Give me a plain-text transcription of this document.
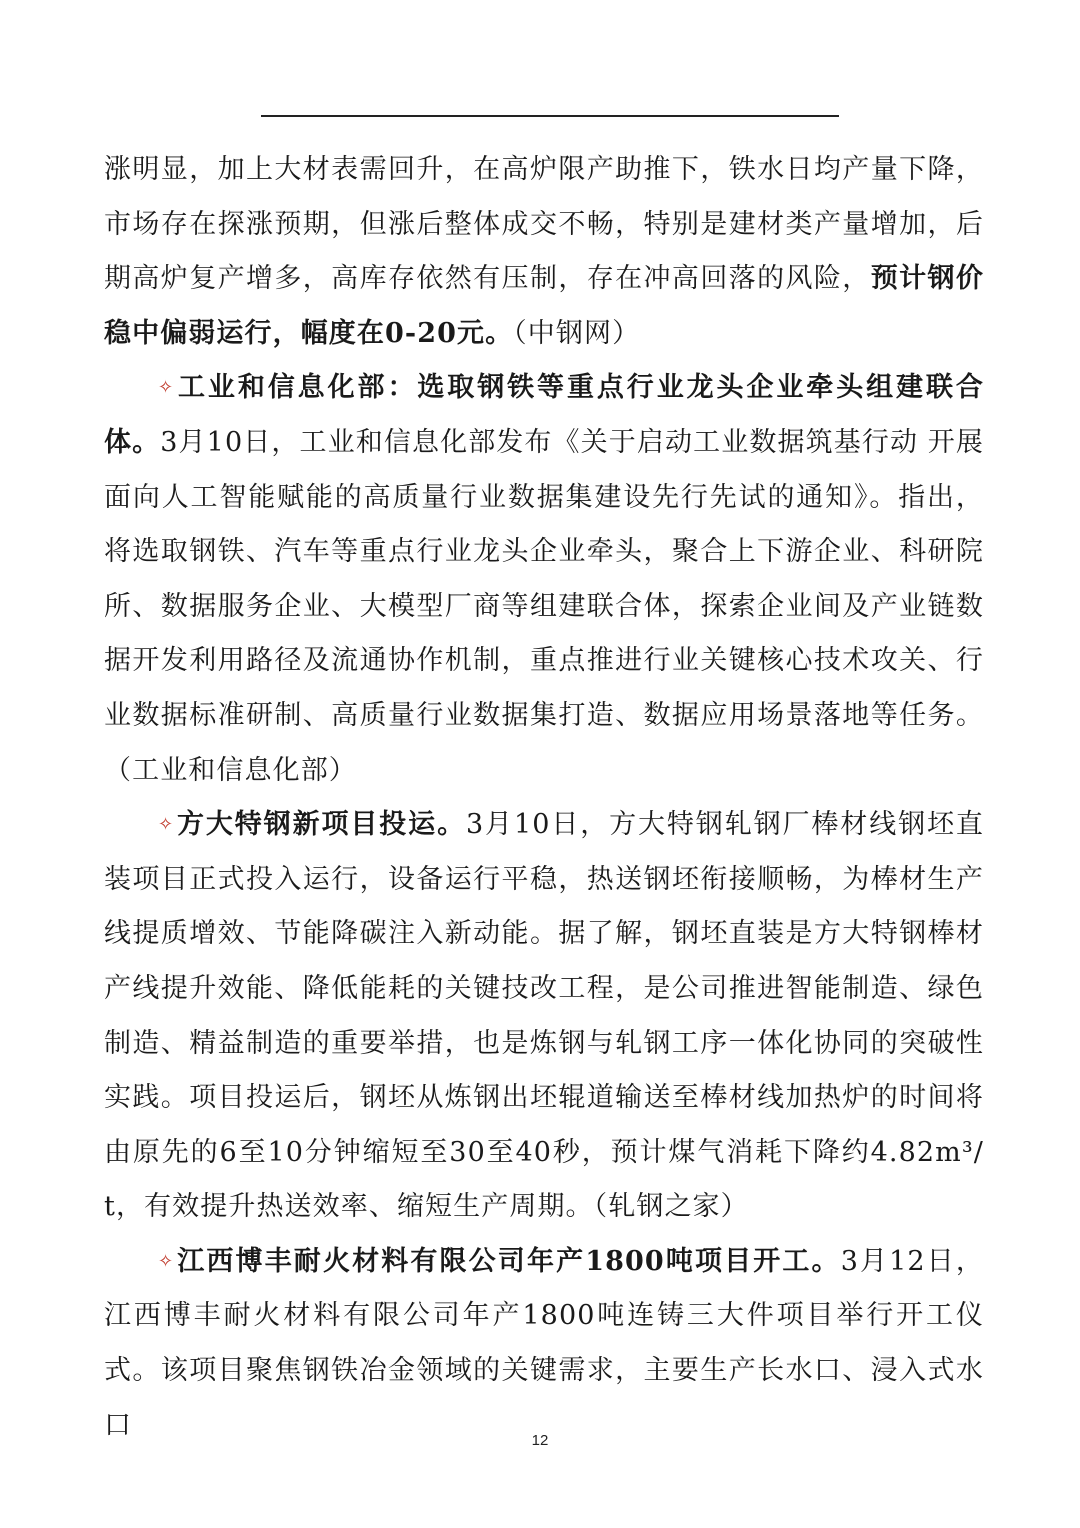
涨明显，加上大材表需回升，在高炉限产助推下，铁水日均产量下降，市场存在探涨预期，但涨后整体成交不畅，特别是建材类产量增加，后期高炉复产增多，高库存依然有压制，存在冲高回落的风险，预计钢价稳中偏弱运行，幅度在0-20元。（中钢网）

✧工业和信息化部：选取钢铁等重点行业龙头企业牵头组建联合体。3月10日，工业和信息化部发布《关于启动工业数据筑基行动 开展面向人工智能赋能的高质量行业数据集建设先行先试的通知》。指出，将选取钢铁、汽车等重点行业龙头企业牵头，聚合上下游企业、科研院所、数据服务企业、大模型厂商等组建联合体，探索企业间及产业链数据开发利用路径及流通协作机制，重点推进行业关键核心技术攻关、行业数据标准研制、高质量行业数据集打造、数据应用场景落地等任务。（工业和信息化部）

✧方大特钢新项目投运。3月10日，方大特钢轧钢厂棒材线钢坯直装项目正式投入运行，设备运行平稳，热送钢坯衔接顺畅，为棒材生产线提质增效、节能降碳注入新动能。据了解，钢坯直装是方大特钢棒材产线提升效能、降低能耗的关键技改工程，是公司推进智能制造、绿色制造、精益制造的重要举措，也是炼钢与轧钢工序一体化协同的突破性实践。项目投运后，钢坯从炼钢出坯辊道输送至棒材线加热炉的时间将由原先的6至10分钟缩短至30至40秒，预计煤气消耗下降约4.82m³/t，有效提升热送效率、缩短生产周期。（轧钢之家）

✧江西博丰耐火材料有限公司年产1800吨项目开工。3月12日，江西博丰耐火材料有限公司年产1800吨连铸三大件项目举行开工仪式。该项目聚焦钢铁冶金领域的关键需求，主要生产长水口、浸入式水口	12
